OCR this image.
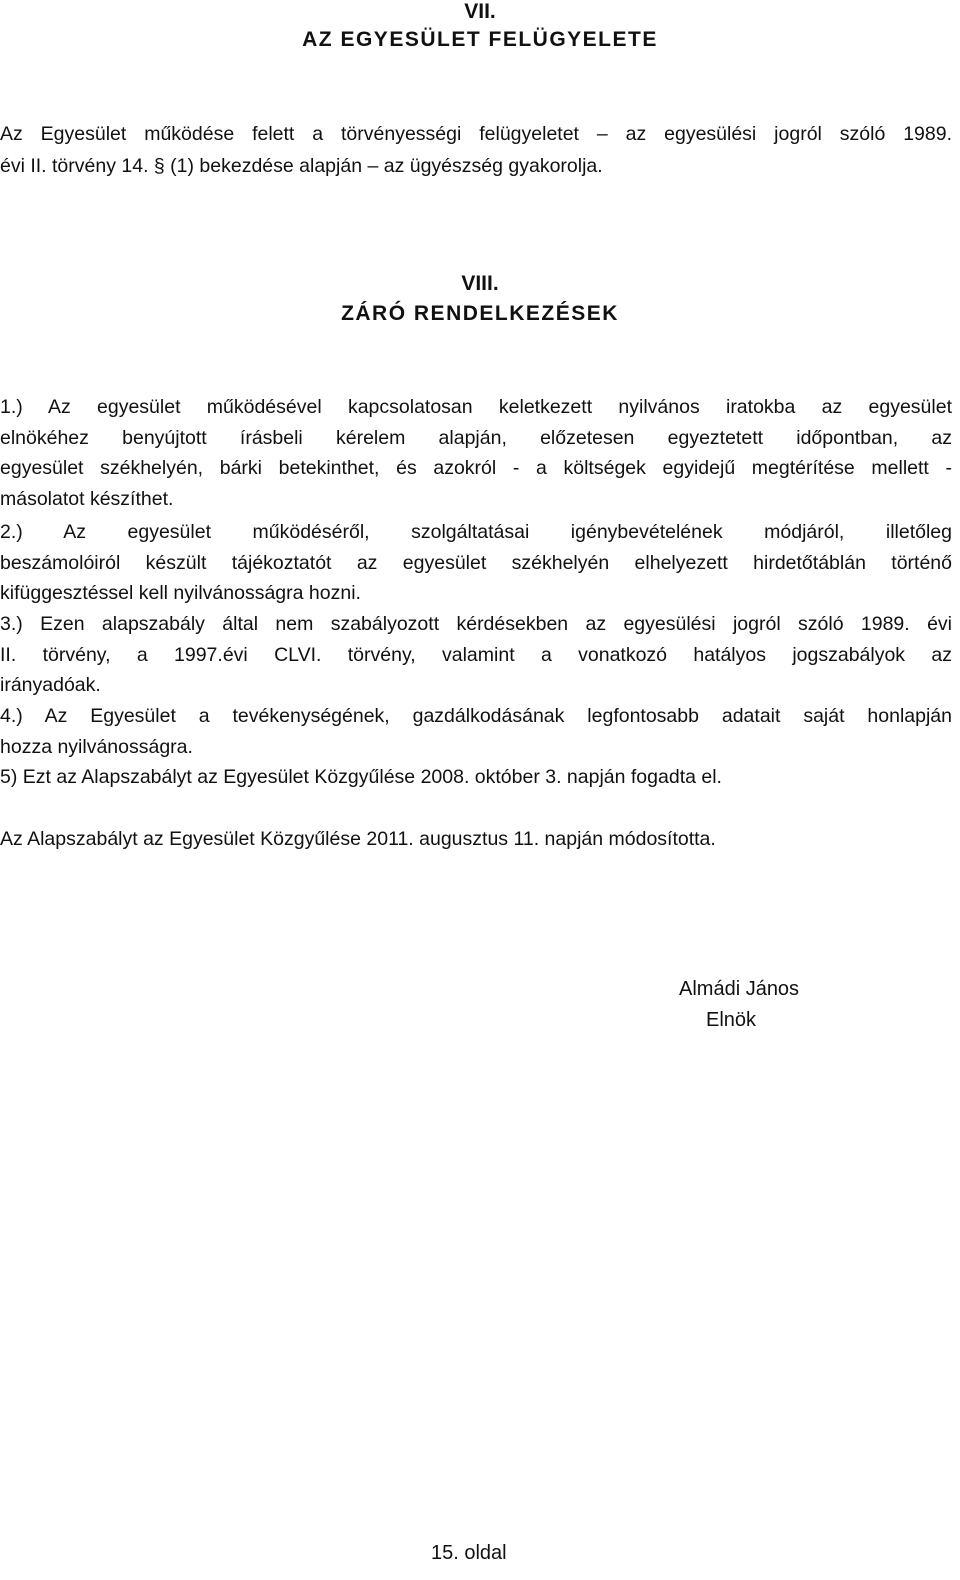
VII.
AZ EGYESÜLET FELÜGYELETE
Az Egyesület működése felett a törvényességi felügyeletet – az egyesülési jogról szóló 1989.
évi II. törvény 14. § (1) bekezdése alapján – az ügyészség gyakorolja.
VIII.
ZÁRÓ RENDELKEZÉSEK
1.) Az egyesület működésével kapcsolatosan keletkezett nyilvános iratokba az egyesület
elnökéhez benyújtott írásbeli kérelem alapján, előzetesen egyeztetett időpontban, az
egyesület székhelyén, bárki betekinthet, és azokról - a költségek egyidejű megtérítése mellett -
másolatot készíthet.
2.) Az egyesület működéséről, szolgáltatásai igénybevételének módjáról, illetőleg
beszámolóiról készült tájékoztatót az egyesület székhelyén elhelyezett hirdetőtáblán történő
kifüggesztéssel kell nyilvánosságra hozni.
3.) Ezen alapszabály által nem szabályozott kérdésekben az egyesülési jogról szóló 1989. évi
II. törvény, a 1997.évi CLVI. törvény, valamint a vonatkozó hatályos jogszabályok az
irányadóak.
4.) Az Egyesület a tevékenységének, gazdálkodásának legfontosabb adatait saját honlapján
hozza nyilvánosságra.
5) Ezt az Alapszabályt az Egyesület Közgyűlése 2008. október 3. napján fogadta el.
Az Alapszabályt az Egyesület Közgyűlése 2011. augusztus 11. napján módosította.
Almádi János
Elnök
15. oldal
